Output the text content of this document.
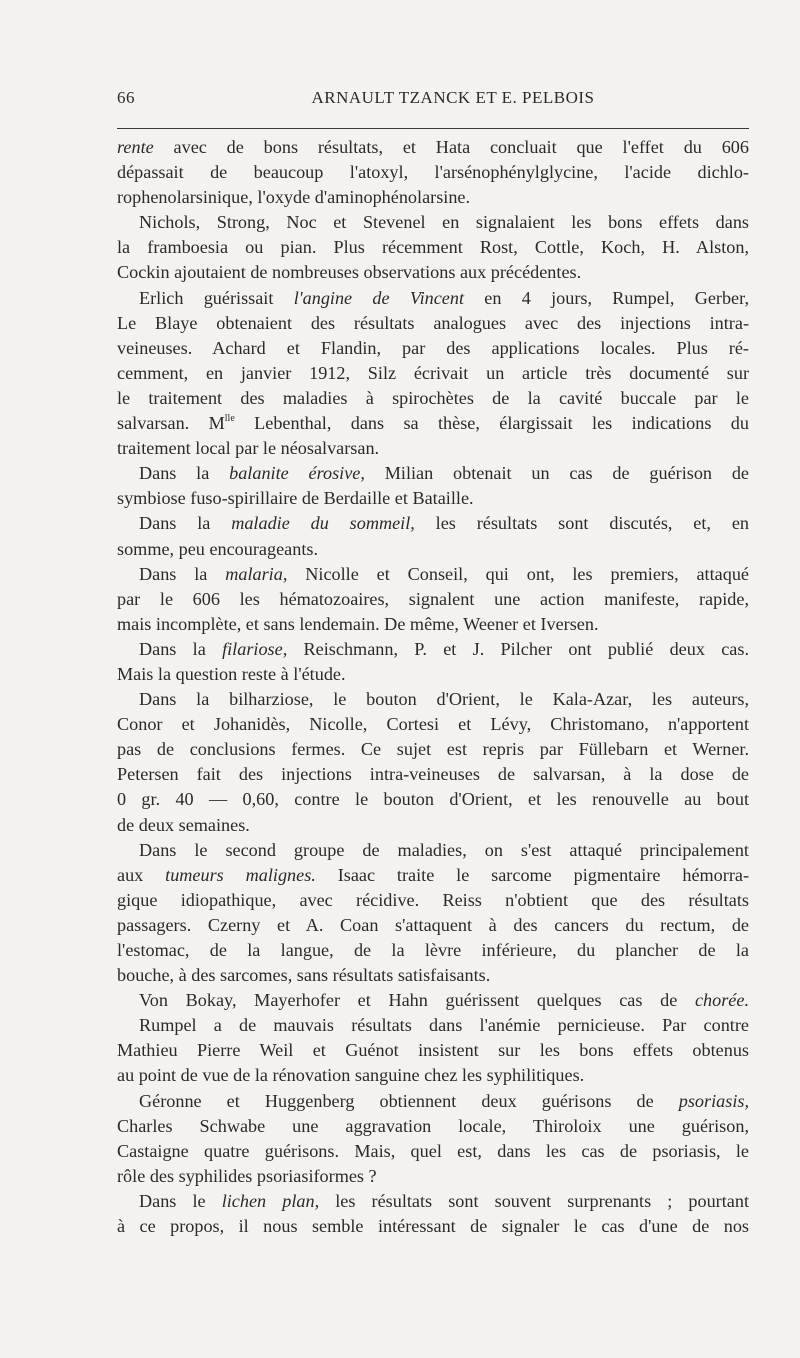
66	ARNAULT TZANCK ET E. PELBOIS
rente avec de bons résultats, et Hata concluait que l'effet du 606
dépassait de beaucoup l'atoxyl, l'arsénophénylglycine, l'acide dichlo-
rophenolarsinique, l'oxyde d'aminophénolarsine.
Nichols, Strong, Noc et Stevenel en signalaient les bons effets dans
la framboesia ou pian. Plus récemment Rost, Cottle, Koch, H. Alston,
Cockin ajoutaient de nombreuses observations aux précédentes.
Erlich guérissait l'angine de Vincent en 4 jours, Rumpel, Gerber,
Le Blaye obtenaient des résultats analogues avec des injections intra-
veineuses. Achard et Flandin, par des applications locales. Plus ré-
cemment, en janvier 1912, Silz écrivait un article très documenté sur
le traitement des maladies à spirochètes de la cavité buccale par le
salvarsan. $M^{lle}$ Lebenthal, dans sa thèse, élargissait les indications du
traitement local par le néosalvarsan.
Dans la balanite érosive, Milian obtenait un cas de guérison de
symbiose fuso-spirillaire de Berdaille et Bataille.
Dans la maladie du sommeil, les résultats sont discutés, et, en
somme, peu encourageants.
Dans la malaria, Nicolle et Conseil, qui ont, les premiers, attaqué
par le 606 les hématozoaires, signalent une action manifeste, rapide,
mais incomplète, et sans lendemain. De même, Weener et Iversen.
Dans la filariose, Reischmann, P. et J. Pilcher ont publié deux cas.
Mais la question reste à l'étude.
Dans la bilharziose, le bouton d'Orient, le Kala-Azar, les auteurs,
Conor et Johanidès, Nicolle, Cortesi et Lévy, Christomano, n'apportent
pas de conclusions fermes. Ce sujet est repris par Füllebarn et Werner.
Petersen fait des injections intra-veineuses de salvarsan, à la dose de
0 gr. 40 — 0,60, contre le bouton d'Orient, et les renouvelle au bout
de deux semaines.
Dans le second groupe de maladies, on s'est attaqué principalement
aux tumeurs malignes. Isaac traite le sarcome pigmentaire hémorra-
gique idiopathique, avec récidive. Reiss n'obtient que des résultats
passagers. Czerny et A. Coan s'attaquent à des cancers du rectum, de
l'estomac, de la langue, de la lèvre inférieure, du plancher de la
bouche, à des sarcomes, sans résultats satisfaisants.
Von Bokay, Mayerhofer et Hahn guérissent quelques cas de chorée.
Rumpel a de mauvais résultats dans l'anémie pernicieuse. Par contre
Mathieu Pierre Weil et Guénot insistent sur les bons effets obtenus
au point de vue de la rénovation sanguine chez les syphilitiques.
Géronne et Huggenberg obtiennent deux guérisons de psoriasis,
Charles Schwabe une aggravation locale, Thiroloix une guérison,
Castaigne quatre guérisons. Mais, quel est, dans les cas de psoriasis, le
rôle des syphilides psoriasiformes ?
Dans le lichen plan, les résultats sont souvent surprenants ; pourtant
à ce propos, il nous semble intéressant de signaler le cas d'une de nos
